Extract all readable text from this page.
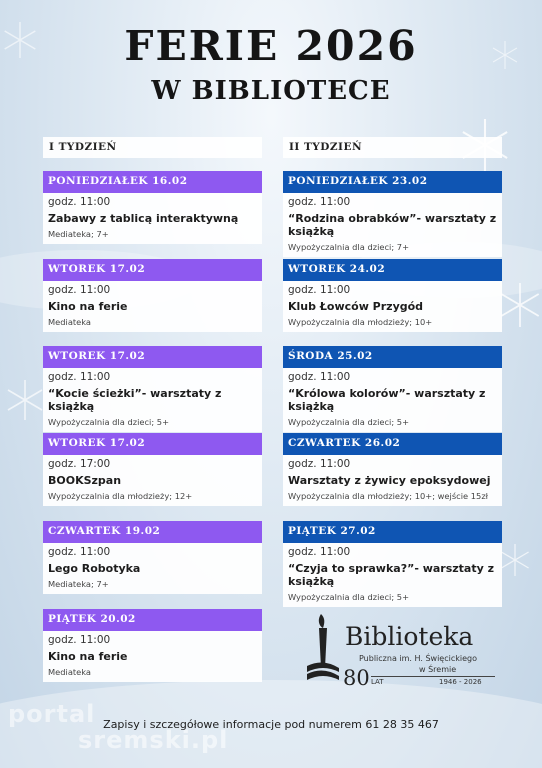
FERIE 2026
W BIBLIOTECE
I TYDZIEŃ
PONIEDZIAŁEK 16.02
godz. 11:00
Zabawy z tablicą interaktywną
Mediateka; 7+
WTOREK 17.02
godz. 11:00
Kino na ferie
Mediateka
WTOREK 17.02
godz. 11:00
“Kocie ścieżki”- warsztaty z książką
Wypożyczalnia dla dzieci; 5+
WTOREK 17.02
godz. 17:00
BOOKSzpan
Wypożyczalnia dla młodzieży; 12+
CZWARTEK 19.02
godz. 11:00
Lego Robotyka
Mediateka; 7+
PIĄTEK 20.02
godz. 11:00
Kino na ferie
Mediateka
II TYDZIEŃ
PONIEDZIAŁEK 23.02
godz. 11:00
“Rodzina obrabków”- warsztaty z książką
Wypożyczalnia dla dzieci; 7+
WTOREK 24.02
godz. 11:00
Klub Łowców Przygód
Wypożyczalnia dla młodzieży; 10+
ŚRODA 25.02
godz. 11:00
“Królowa kolorów”- warsztaty z książką
Wypożyczalnia dla dzieci; 5+
CZWARTEK 26.02
godz. 11:00
Warsztaty z żywicy epoksydowej
Wypożyczalnia dla młodzieży; 10+; wejście 15zł
PIĄTEK 27.02
godz. 11:00
“Czyja to sprawka?”- warsztaty z książką
Wypożyczalnia dla dzieci; 5+
Biblioteka
Publiczna im. H. Święcickiego
w Śremie
80 LAT	1946 - 2026
portal
sremski.pl
Zapisy i szczegółowe informacje pod numerem 61 28 35 467
